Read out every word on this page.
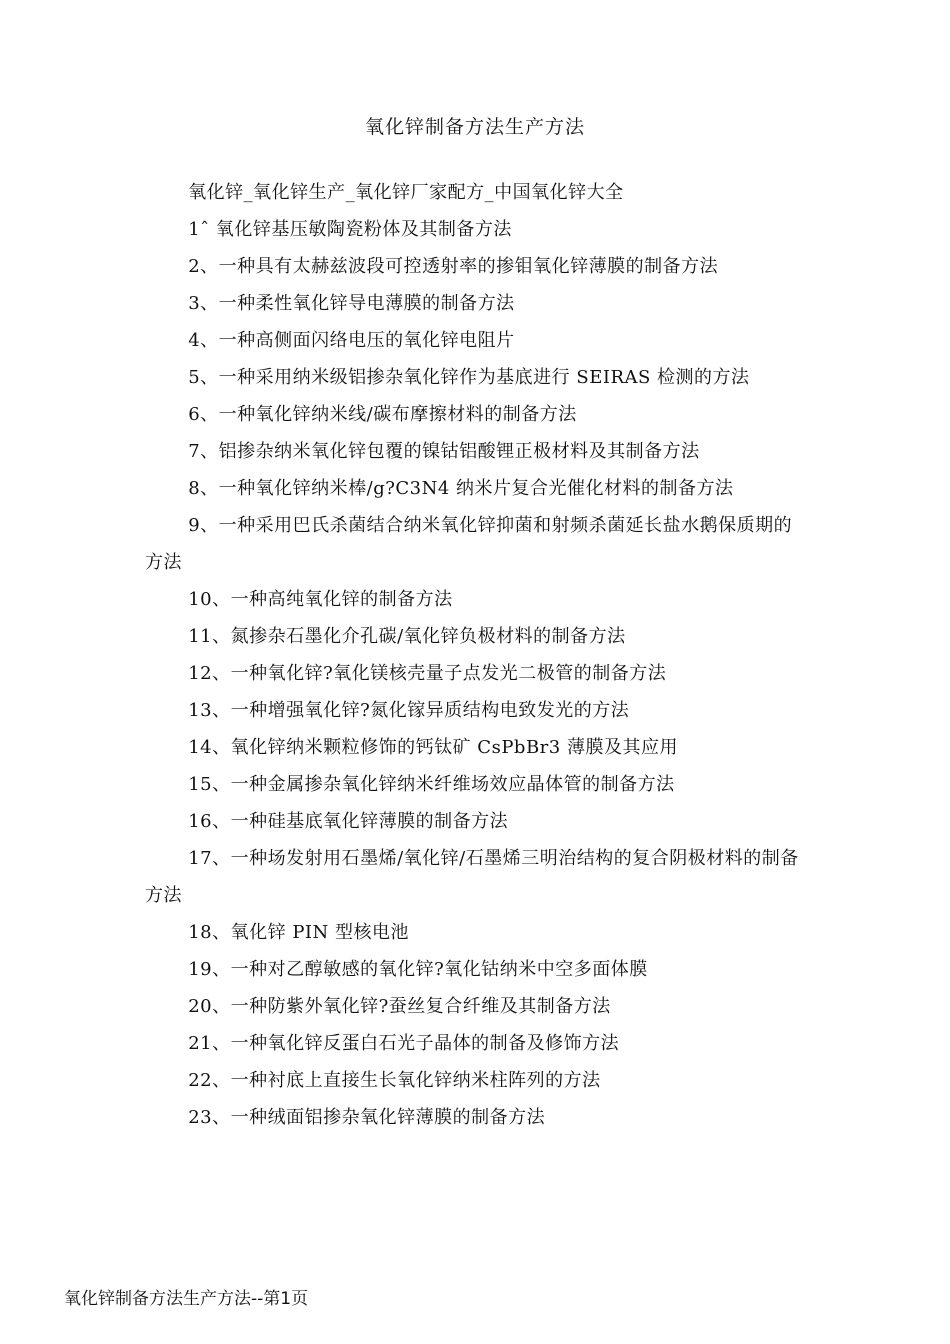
氧化锌制备方法生产方法

氧化锌_氧化锌生产_氧化锌厂家配方_中国氧化锌大全

1ˆ 氧化锌基压敏陶瓷粉体及其制备方法

2、一种具有太赫兹波段可控透射率的掺钼氧化锌薄膜的制备方法

3、一种柔性氧化锌导电薄膜的制备方法

4、一种高侧面闪络电压的氧化锌电阻片

5、一种采用纳米级铝掺杂氧化锌作为基底进行 SEIRAS 检测的方法

6、一种氧化锌纳米线/碳布摩擦材料的制备方法

7、铝掺杂纳米氧化锌包覆的镍钴铝酸锂正极材料及其制备方法

8、一种氧化锌纳米棒/g?C3N4 纳米片复合光催化材料的制备方法

9、一种采用巴氏杀菌结合纳米氧化锌抑菌和射频杀菌延长盐水鹅保质期的方法

10、一种高纯氧化锌的制备方法

11、氮掺杂石墨化介孔碳/氧化锌负极材料的制备方法

12、一种氧化锌?氧化镁核壳量子点发光二极管的制备方法

13、一种增强氧化锌?氮化镓异质结构电致发光的方法

14、氧化锌纳米颗粒修饰的钙钛矿 CsPbBr3 薄膜及其应用

15、一种金属掺杂氧化锌纳米纤维场效应晶体管的制备方法

16、一种硅基底氧化锌薄膜的制备方法

17、一种场发射用石墨烯/氧化锌/石墨烯三明治结构的复合阴极材料的制备方法

18、氧化锌 PIN 型核电池

19、一种对乙醇敏感的氧化锌?氧化钴纳米中空多面体膜

20、一种防紫外氧化锌?蚕丝复合纤维及其制备方法

21、一种氧化锌反蛋白石光子晶体的制备及修饰方法

22、一种衬底上直接生长氧化锌纳米柱阵列的方法

23、一种绒面铝掺杂氧化锌薄膜的制备方法

氧化锌制备方法生产方法--第1页
